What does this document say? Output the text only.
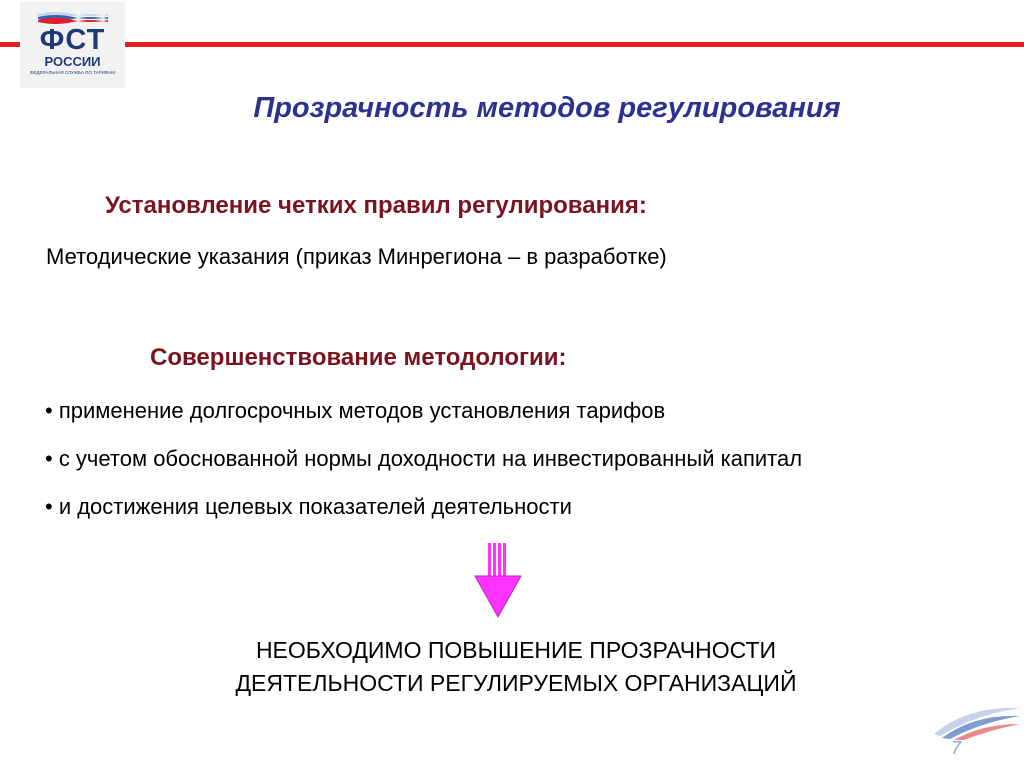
ФСТ
РОССИИ
ФЕДЕРАЛЬНАЯ СЛУЖБА ПО ТАРИФАМ
Прозрачность методов регулирования
Установление четких правил регулирования:
Методические указания (приказ Минрегиона – в разработке)
Совершенствование методологии:
• применение долгосрочных методов установления тарифов
• с учетом обоснованной нормы доходности на инвестированный капитал
• и достижения целевых показателей деятельности
НЕОБХОДИМО ПОВЫШЕНИЕ ПРОЗРАЧНОСТИ
ДЕЯТЕЛЬНОСТИ РЕГУЛИРУЕМЫХ ОРГАНИЗАЦИЙ
7
